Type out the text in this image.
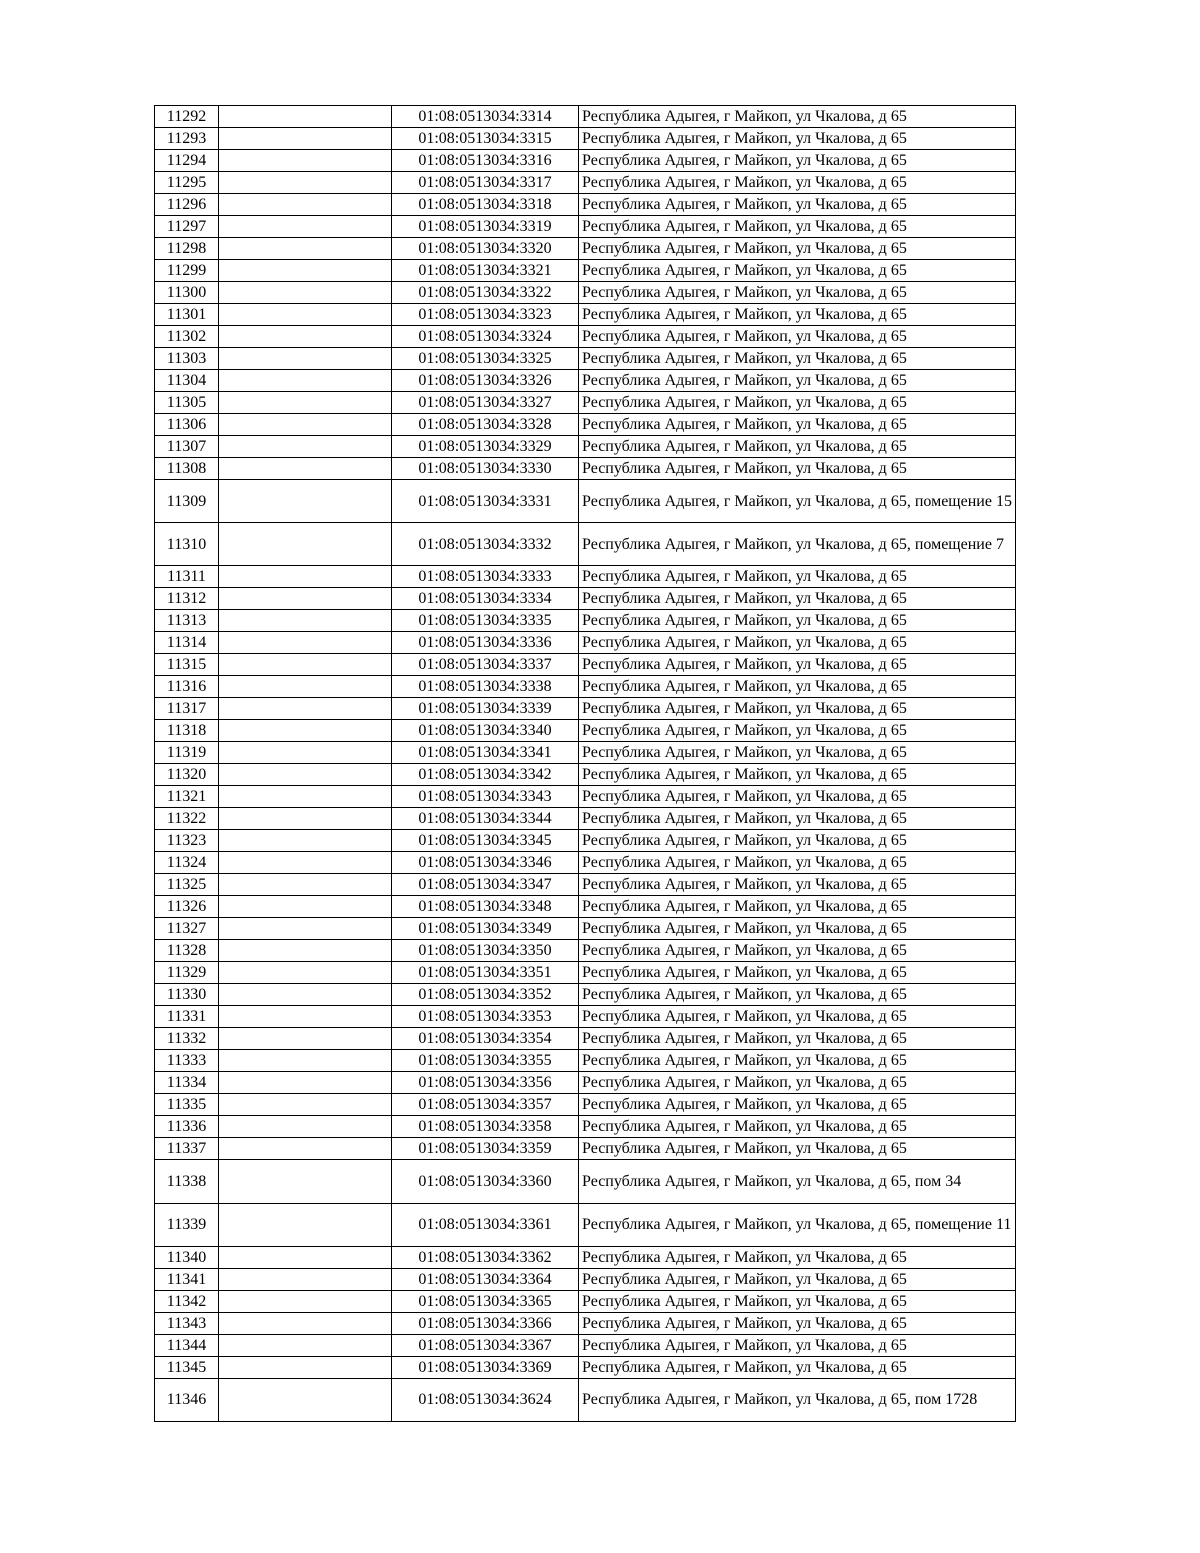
11292		01:08:0513034:3314	Республика Адыгея, г Майкоп, ул Чкалова, д 65
11293		01:08:0513034:3315	Республика Адыгея, г Майкоп, ул Чкалова, д 65
11294		01:08:0513034:3316	Республика Адыгея, г Майкоп, ул Чкалова, д 65
11295		01:08:0513034:3317	Республика Адыгея, г Майкоп, ул Чкалова, д 65
11296		01:08:0513034:3318	Республика Адыгея, г Майкоп, ул Чкалова, д 65
11297		01:08:0513034:3319	Республика Адыгея, г Майкоп, ул Чкалова, д 65
11298		01:08:0513034:3320	Республика Адыгея, г Майкоп, ул Чкалова, д 65
11299		01:08:0513034:3321	Республика Адыгея, г Майкоп, ул Чкалова, д 65
11300		01:08:0513034:3322	Республика Адыгея, г Майкоп, ул Чкалова, д 65
11301		01:08:0513034:3323	Республика Адыгея, г Майкоп, ул Чкалова, д 65
11302		01:08:0513034:3324	Республика Адыгея, г Майкоп, ул Чкалова, д 65
11303		01:08:0513034:3325	Республика Адыгея, г Майкоп, ул Чкалова, д 65
11304		01:08:0513034:3326	Республика Адыгея, г Майкоп, ул Чкалова, д 65
11305		01:08:0513034:3327	Республика Адыгея, г Майкоп, ул Чкалова, д 65
11306		01:08:0513034:3328	Республика Адыгея, г Майкоп, ул Чкалова, д 65
11307		01:08:0513034:3329	Республика Адыгея, г Майкоп, ул Чкалова, д 65
11308		01:08:0513034:3330	Республика Адыгея, г Майкоп, ул Чкалова, д 65
11309		01:08:0513034:3331	Республика Адыгея, г Майкоп, ул Чкалова, д 65, помещение 15
11310		01:08:0513034:3332	Республика Адыгея, г Майкоп, ул Чкалова, д 65, помещение 7
11311		01:08:0513034:3333	Республика Адыгея, г Майкоп, ул Чкалова, д 65
11312		01:08:0513034:3334	Республика Адыгея, г Майкоп, ул Чкалова, д 65
11313		01:08:0513034:3335	Республика Адыгея, г Майкоп, ул Чкалова, д 65
11314		01:08:0513034:3336	Республика Адыгея, г Майкоп, ул Чкалова, д 65
11315		01:08:0513034:3337	Республика Адыгея, г Майкоп, ул Чкалова, д 65
11316		01:08:0513034:3338	Республика Адыгея, г Майкоп, ул Чкалова, д 65
11317		01:08:0513034:3339	Республика Адыгея, г Майкоп, ул Чкалова, д 65
11318		01:08:0513034:3340	Республика Адыгея, г Майкоп, ул Чкалова, д 65
11319		01:08:0513034:3341	Республика Адыгея, г Майкоп, ул Чкалова, д 65
11320		01:08:0513034:3342	Республика Адыгея, г Майкоп, ул Чкалова, д 65
11321		01:08:0513034:3343	Республика Адыгея, г Майкоп, ул Чкалова, д 65
11322		01:08:0513034:3344	Республика Адыгея, г Майкоп, ул Чкалова, д 65
11323		01:08:0513034:3345	Республика Адыгея, г Майкоп, ул Чкалова, д 65
11324		01:08:0513034:3346	Республика Адыгея, г Майкоп, ул Чкалова, д 65
11325		01:08:0513034:3347	Республика Адыгея, г Майкоп, ул Чкалова, д 65
11326		01:08:0513034:3348	Республика Адыгея, г Майкоп, ул Чкалова, д 65
11327		01:08:0513034:3349	Республика Адыгея, г Майкоп, ул Чкалова, д 65
11328		01:08:0513034:3350	Республика Адыгея, г Майкоп, ул Чкалова, д 65
11329		01:08:0513034:3351	Республика Адыгея, г Майкоп, ул Чкалова, д 65
11330		01:08:0513034:3352	Республика Адыгея, г Майкоп, ул Чкалова, д 65
11331		01:08:0513034:3353	Республика Адыгея, г Майкоп, ул Чкалова, д 65
11332		01:08:0513034:3354	Республика Адыгея, г Майкоп, ул Чкалова, д 65
11333		01:08:0513034:3355	Республика Адыгея, г Майкоп, ул Чкалова, д 65
11334		01:08:0513034:3356	Республика Адыгея, г Майкоп, ул Чкалова, д 65
11335		01:08:0513034:3357	Республика Адыгея, г Майкоп, ул Чкалова, д 65
11336		01:08:0513034:3358	Республика Адыгея, г Майкоп, ул Чкалова, д 65
11337		01:08:0513034:3359	Республика Адыгея, г Майкоп, ул Чкалова, д 65
11338		01:08:0513034:3360	Республика Адыгея, г Майкоп, ул Чкалова, д 65, пом 34
11339		01:08:0513034:3361	Республика Адыгея, г Майкоп, ул Чкалова, д 65, помещение 11
11340		01:08:0513034:3362	Республика Адыгея, г Майкоп, ул Чкалова, д 65
11341		01:08:0513034:3364	Республика Адыгея, г Майкоп, ул Чкалова, д 65
11342		01:08:0513034:3365	Республика Адыгея, г Майкоп, ул Чкалова, д 65
11343		01:08:0513034:3366	Республика Адыгея, г Майкоп, ул Чкалова, д 65
11344		01:08:0513034:3367	Республика Адыгея, г Майкоп, ул Чкалова, д 65
11345		01:08:0513034:3369	Республика Адыгея, г Майкоп, ул Чкалова, д 65
11346		01:08:0513034:3624	Республика Адыгея, г Майкоп, ул Чкалова, д 65, пом 1728
